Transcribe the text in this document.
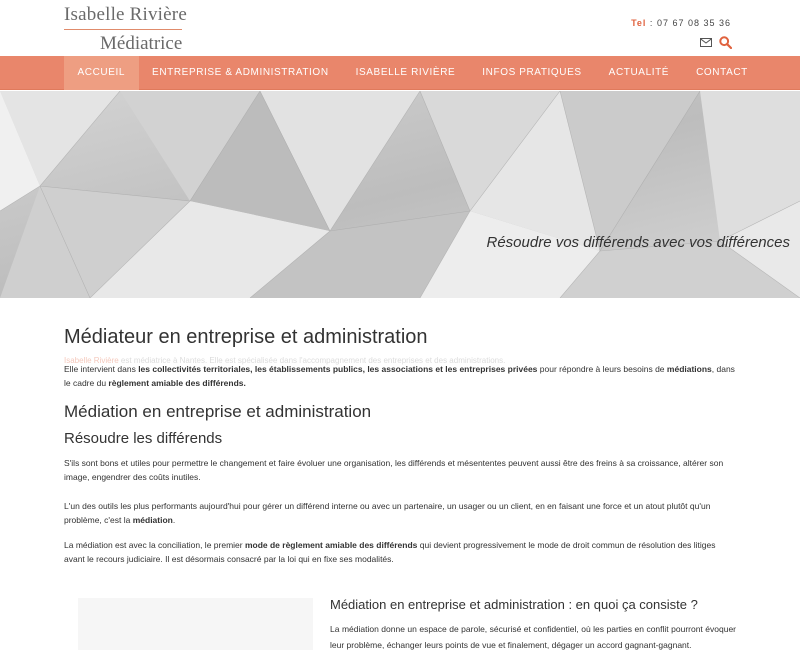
Isabelle Rivière
Médiatrice
Tel : 07 67 08 35 36
ACCUEIL	ENTREPRISE & ADMINISTRATION	ISABELLE RIVIÈRE	INFOS PRATIQUES	ACTUALITÉ	CONTACT
Résoudre vos différends avec vos différences
Médiateur en entreprise et administration
Isabelle Rivière est médiatrice à Nantes. Elle est spécialisée dans l'accompagnement des entreprises et des administrations.
Elle intervient dans les collectivités territoriales, les établissements publics, les associations et les entreprises privées pour répondre à leurs besoins de médiations, dans le cadre du règlement amiable des différends.
Médiation en entreprise et administration
Résoudre les différends
S'ils sont bons et utiles pour permettre le changement et faire évoluer une organisation, les différends et mésententes peuvent aussi être des freins à sa croissance, altérer son image, engendrer des coûts inutiles.
L'un des outils les plus performants aujourd'hui pour gérer un différend interne ou avec un partenaire, un usager ou un client, en en faisant une force et un atout plutôt qu'un problème, c'est la médiation.
La médiation est avec la conciliation, le premier mode de règlement amiable des différends qui devient progressivement le mode de droit commun de résolution des litiges avant le recours judiciaire. Il est désormais consacré par la loi qui en fixe ses modalités.
Médiation en entreprise et administration : en quoi ça consiste ?
La médiation donne un espace de parole, sécurisé et confidentiel, où les parties en conflit pourront évoquer leur problème, échanger leurs points de vue et finalement, dégager un accord gagnant-gagnant.
